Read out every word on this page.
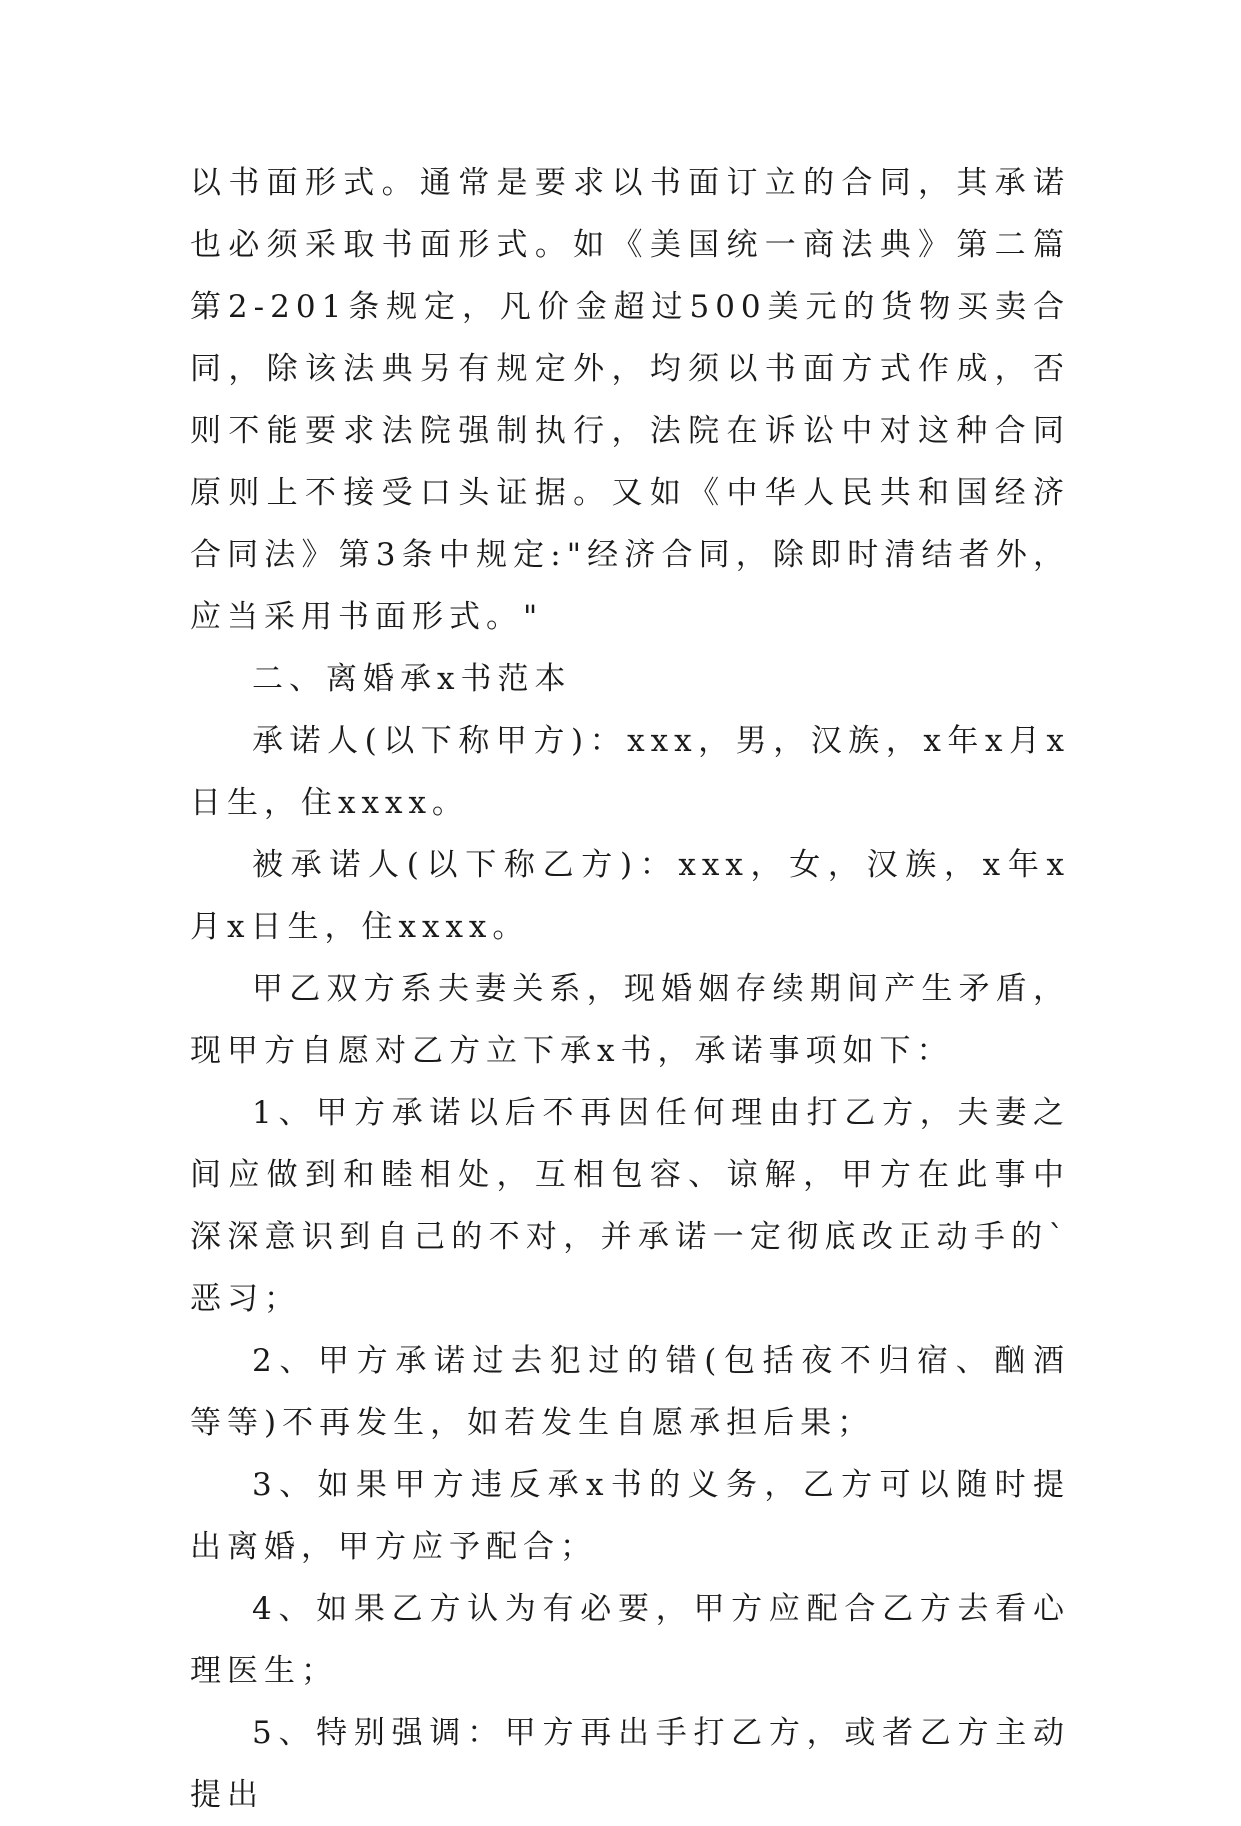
以书面形式。通常是要求以书面订立的合同，其承诺也必须采取书面形式。如《美国统一商法典》第二篇第2-201条规定，凡价金超过500美元的货物买卖合同，除该法典另有规定外，均须以书面方式作成，否则不能要求法院强制执行，法院在诉讼中对这种合同原则上不接受口头证据。又如《中华人民共和国经济合同法》第3条中规定:"经济合同，除即时清结者外，应当采用书面形式。"

二、离婚承x书范本

承诺人(以下称甲方)：xxx，男，汉族，x年x月x日生，住xxxx。

被承诺人(以下称乙方)：xxx，女，汉族，x年x月x日生，住xxxx。

甲乙双方系夫妻关系，现婚姻存续期间产生矛盾，现甲方自愿对乙方立下承x书，承诺事项如下：

1、甲方承诺以后不再因任何理由打乙方，夫妻之间应做到和睦相处，互相包容、谅解，甲方在此事中深深意识到自己的不对，并承诺一定彻底改正动手的`恶习；

2、甲方承诺过去犯过的错(包括夜不归宿、酗酒等等)不再发生，如若发生自愿承担后果；

3、如果甲方违反承x书的义务，乙方可以随时提出离婚，甲方应予配合；

4、如果乙方认为有必要，甲方应配合乙方去看心理医生；

5、特别强调：甲方再出手打乙方，或者乙方主动提出
